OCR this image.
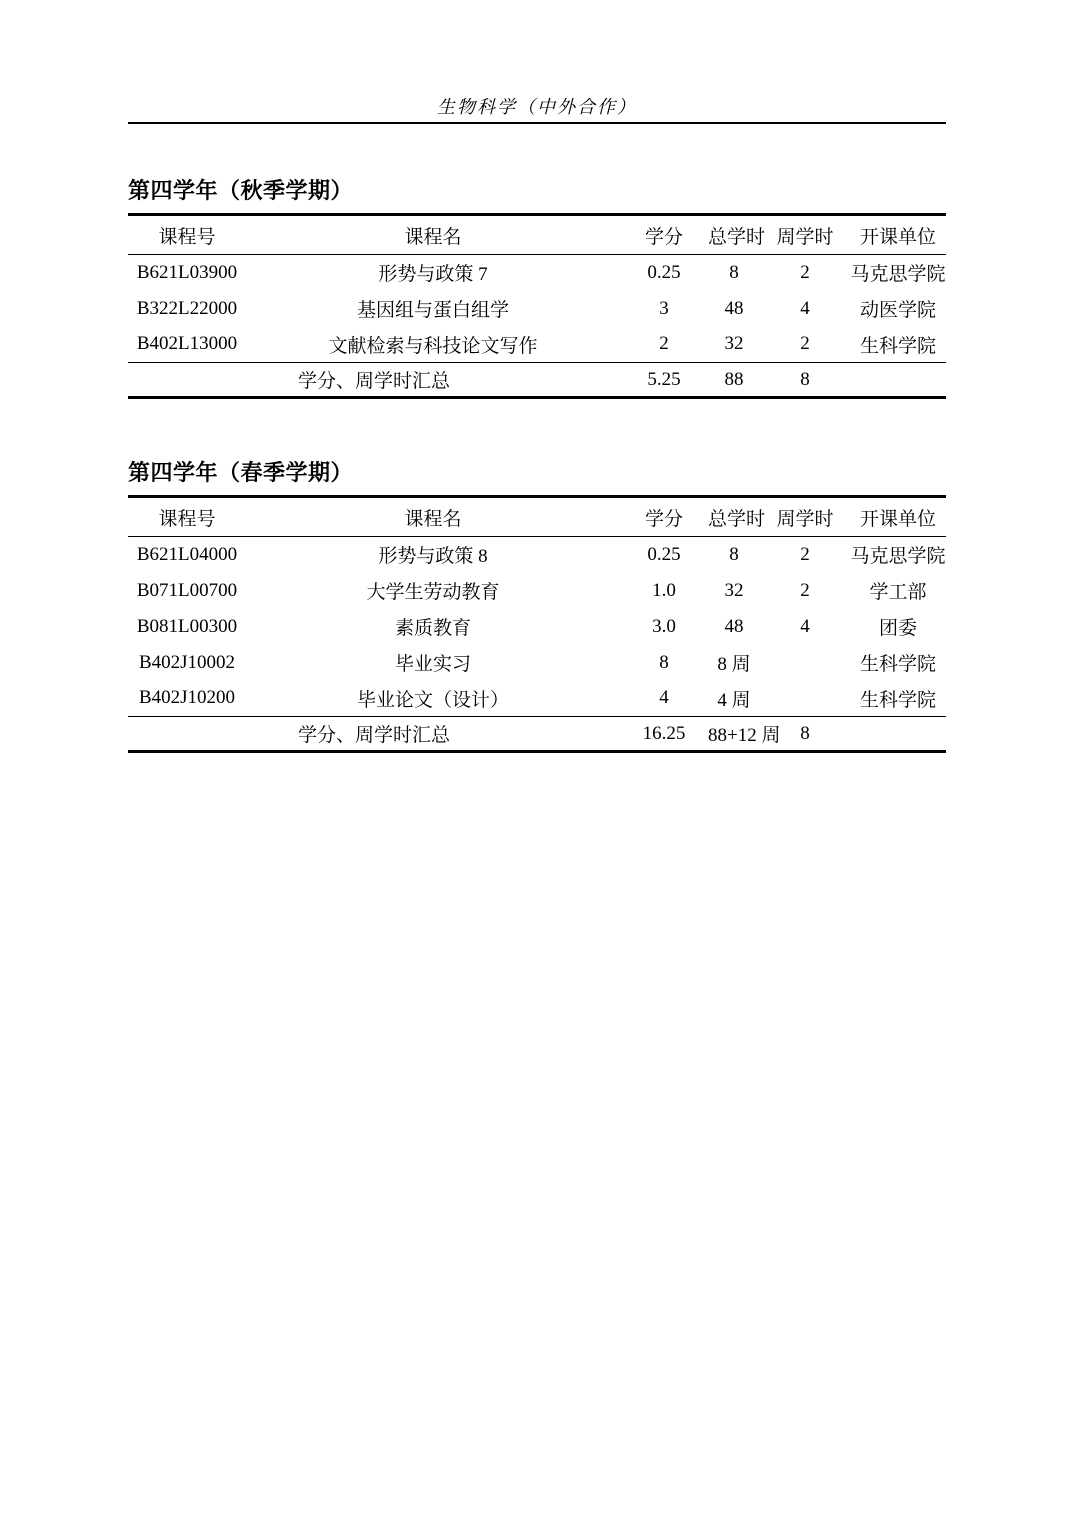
生物科学（中外合作）
第四学年（秋季学期）
课程号	课程名	学分	总学时	周学时	开课单位
B621L03900	形势与政策 7	0.25	8	2	马克思学院
B322L22000	基因组与蛋白组学	3	48	4	动医学院
B402L13000	文献检索与科技论文写作	2	32	2	生科学院
学分、周学时汇总		5.25	88	8	
第四学年（春季学期）
课程号	课程名	学分	总学时	周学时	开课单位
B621L04000	形势与政策 8	0.25	8	2	马克思学院
B071L00700	大学生劳动教育	1.0	32	2	学工部
B081L00300	素质教育	3.0	48	4	团委
B402J10002	毕业实习	8	8 周		生科学院
B402J10200	毕业论文（设计）	4	4 周		生科学院
学分、周学时汇总		16.25	88+12 周	8	
